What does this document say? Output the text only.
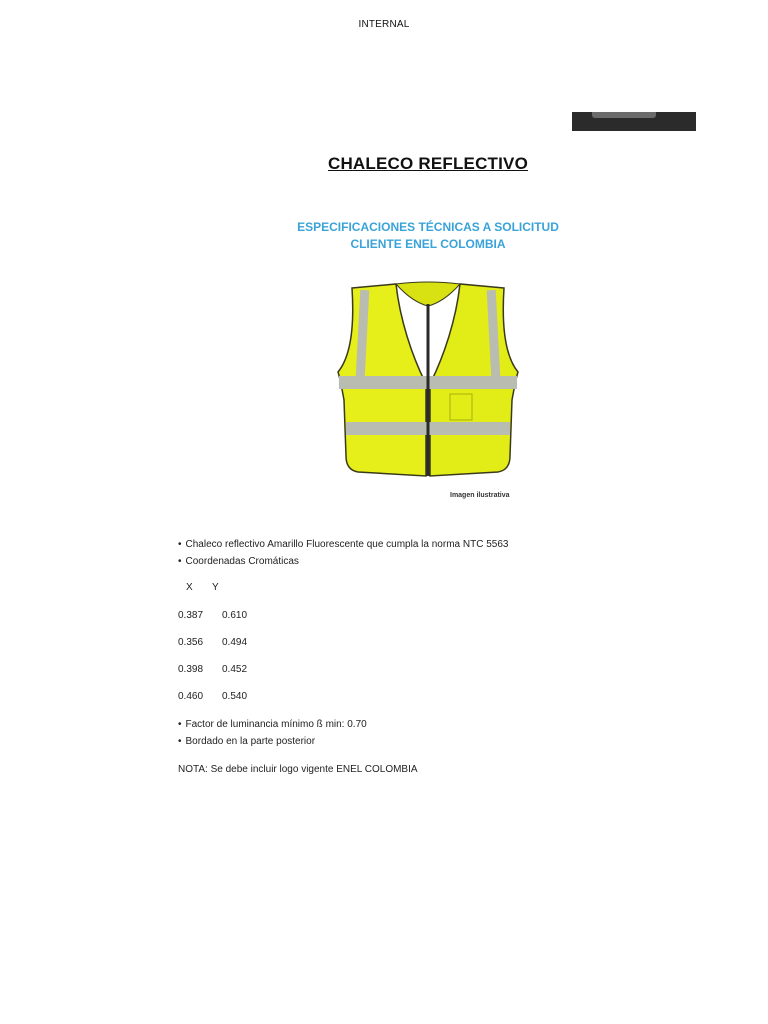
INTERNAL
CHALECO REFLECTIVO
ESPECIFICACIONES TÉCNICAS A SOLICITUD
CLIENTE ENEL COLOMBIA
Imagen ilustrativa
• Chaleco reflectivo Amarillo Fluorescente que cumpla la norma NTC 5563
• Coordenadas Cromáticas
X Y
0.387 0.610
0.356 0.494
0.398 0.452
0.460 0.540
• Factor de luminancia mínimo ß min: 0.70
• Bordado en la parte posterior
NOTA: Se debe incluir logo vigente ENEL COLOMBIA
